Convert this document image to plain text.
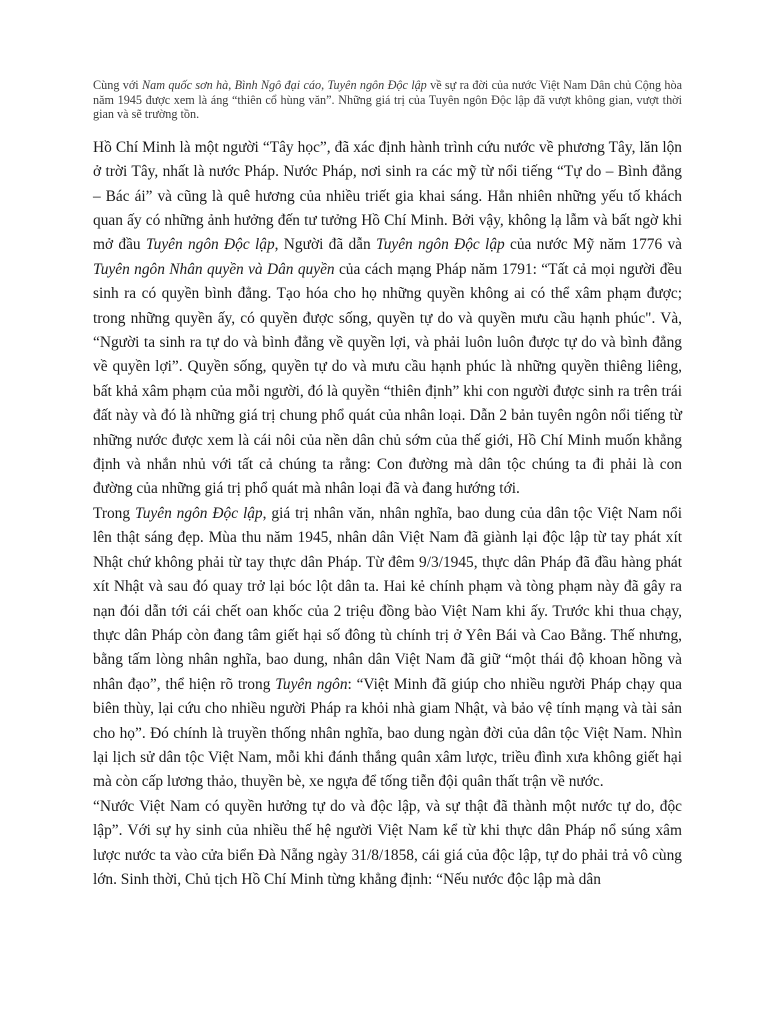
Cùng với Nam quốc sơn hà, Bình Ngô đại cáo, Tuyên ngôn Độc lập về sự ra đời của nước Việt Nam Dân chủ Cộng hòa năm 1945 được xem là áng “thiên cổ hùng văn”. Những giá trị của Tuyên ngôn Độc lập đã vượt không gian, vượt thời gian và sẽ trường tồn.

Hồ Chí Minh là một người “Tây học”, đã xác định hành trình cứu nước về phương Tây, lăn lộn ở trời Tây, nhất là nước Pháp. Nước Pháp, nơi sinh ra các mỹ từ nổi tiếng “Tự do – Bình đẳng – Bác ái” và cũng là quê hương của nhiều triết gia khai sáng. Hẳn nhiên những yếu tố khách quan ấy có những ảnh hưởng đến tư tưởng Hồ Chí Minh. Bởi vậy, không lạ lẫm và bất ngờ khi mở đầu Tuyên ngôn Độc lập, Người đã dẫn Tuyên ngôn Độc lập của nước Mỹ năm 1776 và Tuyên ngôn Nhân quyền và Dân quyền của cách mạng Pháp năm 1791: “Tất cả mọi người đều sinh ra có quyền bình đẳng. Tạo hóa cho họ những quyền không ai có thể xâm phạm được; trong những quyền ấy, có quyền được sống, quyền tự do và quyền mưu cầu hạnh phúc". Và, “Người ta sinh ra tự do và bình đẳng về quyền lợi, và phải luôn luôn được tự do và bình đẳng về quyền lợi”. Quyền sống, quyền tự do và mưu cầu hạnh phúc là những quyền thiêng liêng, bất khả xâm phạm của mỗi người, đó là quyền “thiên định” khi con người được sinh ra trên trái đất này và đó là những giá trị chung phổ quát của nhân loại. Dẫn 2 bản tuyên ngôn nổi tiếng từ những nước được xem là cái nôi của nền dân chủ sớm của thế giới, Hồ Chí Minh muốn khẳng định và nhắn nhủ với tất cả chúng ta rằng: Con đường mà dân tộc chúng ta đi phải là con đường của những giá trị phổ quát mà nhân loại đã và đang hướng tới.

Trong Tuyên ngôn Độc lập, giá trị nhân văn, nhân nghĩa, bao dung của dân tộc Việt Nam nổi lên thật sáng đẹp. Mùa thu năm 1945, nhân dân Việt Nam đã giành lại độc lập từ tay phát xít Nhật chứ không phải từ tay thực dân Pháp. Từ đêm 9/3/1945, thực dân Pháp đã đầu hàng phát xít Nhật và sau đó quay trở lại bóc lột dân ta. Hai kẻ chính phạm và tòng phạm này đã gây ra nạn đói dẫn tới cái chết oan khốc của 2 triệu đồng bào Việt Nam khi ấy. Trước khi thua chạy, thực dân Pháp còn đang tâm giết hại số đông tù chính trị ở Yên Bái và Cao Bằng. Thế nhưng, bằng tấm lòng nhân nghĩa, bao dung, nhân dân Việt Nam đã giữ “một thái độ khoan hồng và nhân đạo”, thể hiện rõ trong Tuyên ngôn: “Việt Minh đã giúp cho nhiều người Pháp chạy qua biên thùy, lại cứu cho nhiều người Pháp ra khỏi nhà giam Nhật, và bảo vệ tính mạng và tài sản cho họ”. Đó chính là truyền thống nhân nghĩa, bao dung ngàn đời của dân tộc Việt Nam. Nhìn lại lịch sử dân tộc Việt Nam, mỗi khi đánh thắng quân xâm lược, triều đình xưa không giết hại mà còn cấp lương thảo, thuyền bè, xe ngựa để tống tiễn đội quân thất trận về nước.

“Nước Việt Nam có quyền hưởng tự do và độc lập, và sự thật đã thành một nước tự do, độc lập”. Với sự hy sinh của nhiều thế hệ người Việt Nam kể từ khi thực dân Pháp nổ súng xâm lược nước ta vào cửa biển Đà Nẵng ngày 31/8/1858, cái giá của độc lập, tự do phải trả vô cùng lớn. Sinh thời, Chủ tịch Hồ Chí Minh từng khẳng định: “Nếu nước độc lập mà dân
